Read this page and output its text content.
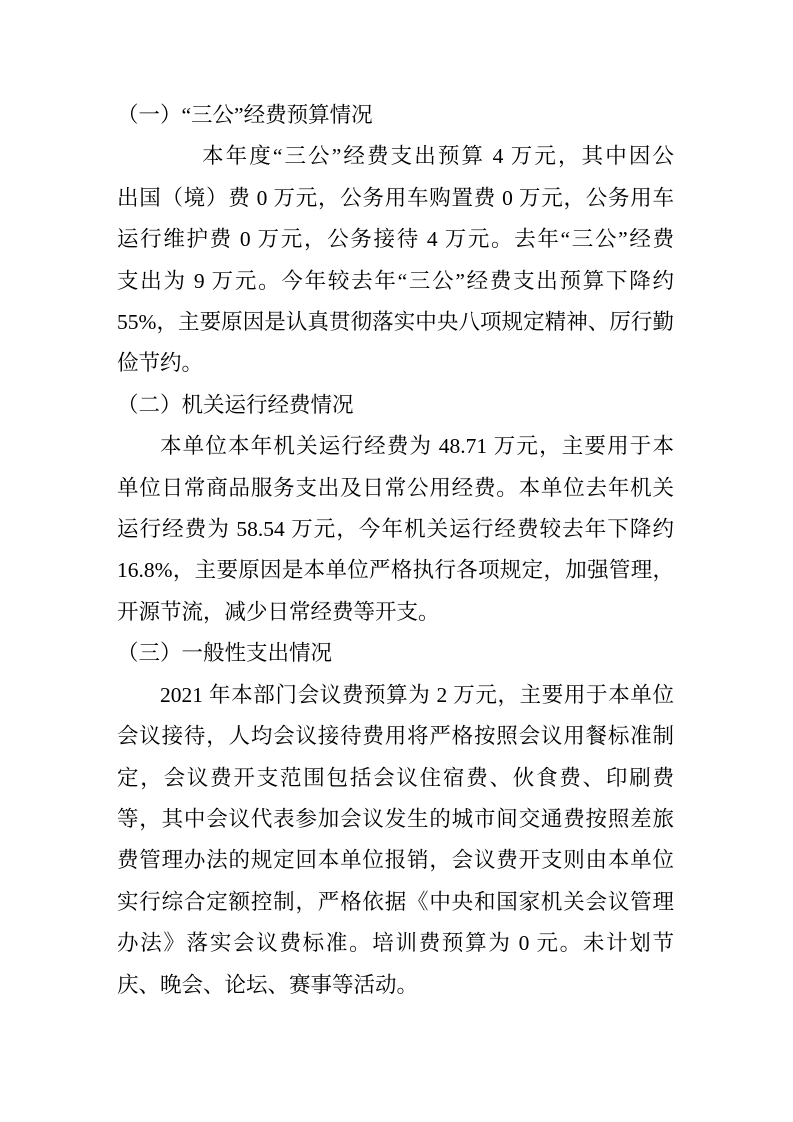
（一）“三公”经费预算情况
本年度“三公”经费支出预算 4 万元，其中因公
出国（境）费 0 万元，公务用车购置费 0 万元，公务用车
运行维护费 0 万元，公务接待 4 万元。去年“三公”经费
支出为 9 万元。今年较去年“三公”经费支出预算下降约
55%，主要原因是认真贯彻落实中央八项规定精神、厉行勤
俭节约。
（二）机关运行经费情况
本单位本年机关运行经费为 48.71 万元，主要用于本
单位日常商品服务支出及日常公用经费。本单位去年机关
运行经费为 58.54 万元，今年机关运行经费较去年下降约
16.8%，主要原因是本单位严格执行各项规定，加强管理，
开源节流，减少日常经费等开支。
（三）一般性支出情况
2021 年本部门会议费预算为 2 万元，主要用于本单位
会议接待，人均会议接待费用将严格按照会议用餐标准制
定，会议费开支范围包括会议住宿费、伙食费、印刷费
等，其中会议代表参加会议发生的城市间交通费按照差旅
费管理办法的规定回本单位报销，会议费开支则由本单位
实行综合定额控制，严格依据《中央和国家机关会议管理
办法》落实会议费标准。培训费预算为 0 元。未计划节
庆、晚会、论坛、赛事等活动。
